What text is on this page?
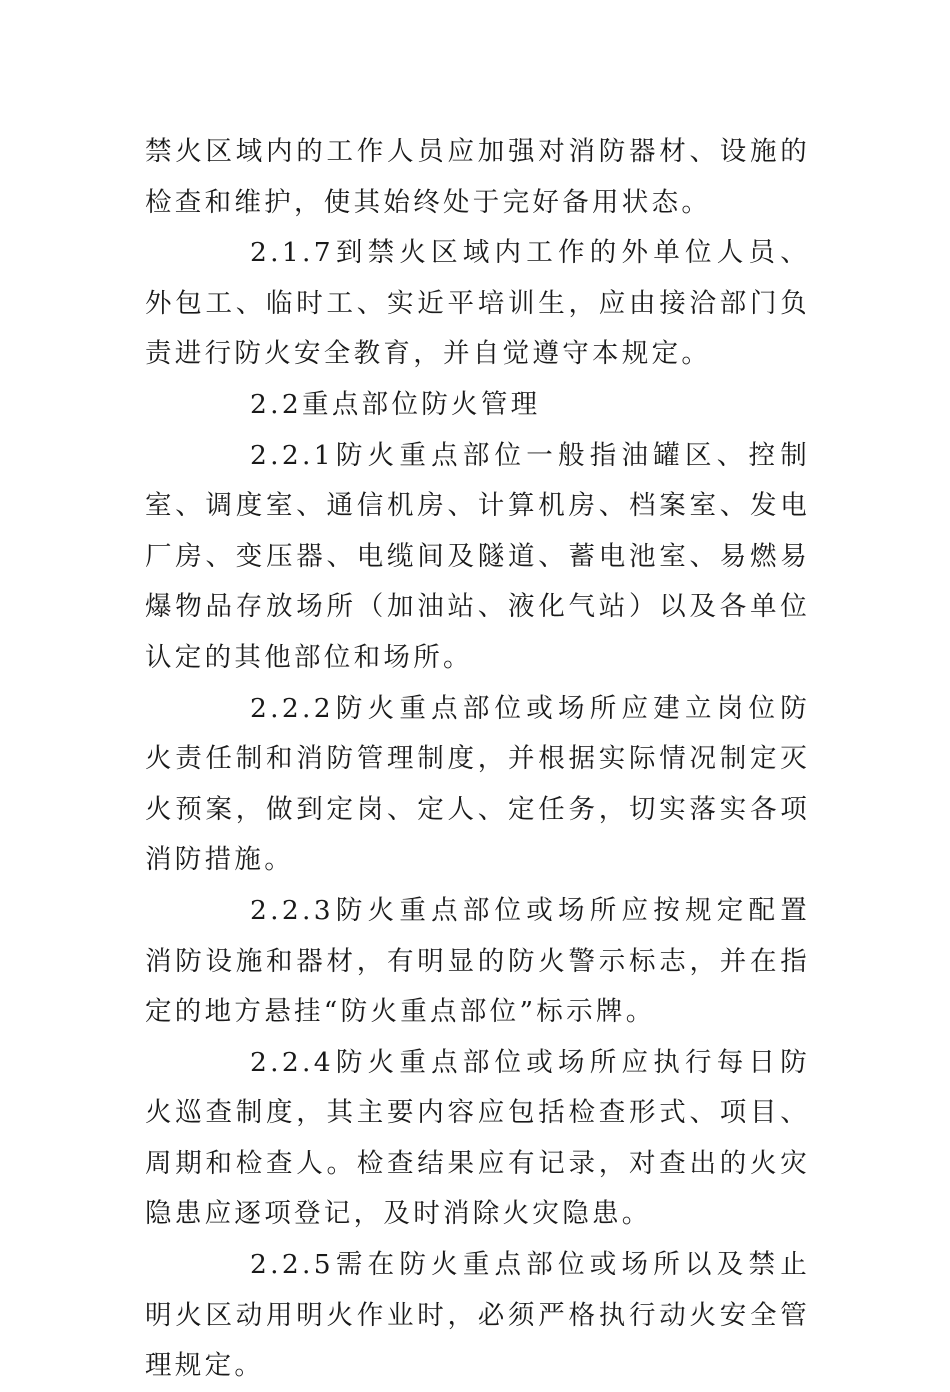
禁火区域内的工作人员应加强对消防器材、设施的检查和维护，使其始终处于完好备用状态。

2.1.7到禁火区域内工作的外单位人员、外包工、临时工、实近平培训生，应由接洽部门负责进行防火安全教育，并自觉遵守本规定。

2.2重点部位防火管理

2.2.1防火重点部位一般指油罐区、控制室、调度室、通信机房、计算机房、档案室、发电厂房、变压器、电缆间及隧道、蓄电池室、易燃易爆物品存放场所（加油站、液化气站）以及各单位认定的其他部位和场所。

2.2.2防火重点部位或场所应建立岗位防火责任制和消防管理制度，并根据实际情况制定灭火预案，做到定岗、定人、定任务，切实落实各项消防措施。

2.2.3防火重点部位或场所应按规定配置消防设施和器材，有明显的防火警示标志，并在指定的地方悬挂“防火重点部位”标示牌。

2.2.4防火重点部位或场所应执行每日防火巡查制度，其主要内容应包括检查形式、项目、周期和检查人。检查结果应有记录，对查出的火灾隐患应逐项登记，及时消除火灾隐患。

2.2.5需在防火重点部位或场所以及禁止明火区动用明火作业时，必须严格执行动火安全管理规定。
